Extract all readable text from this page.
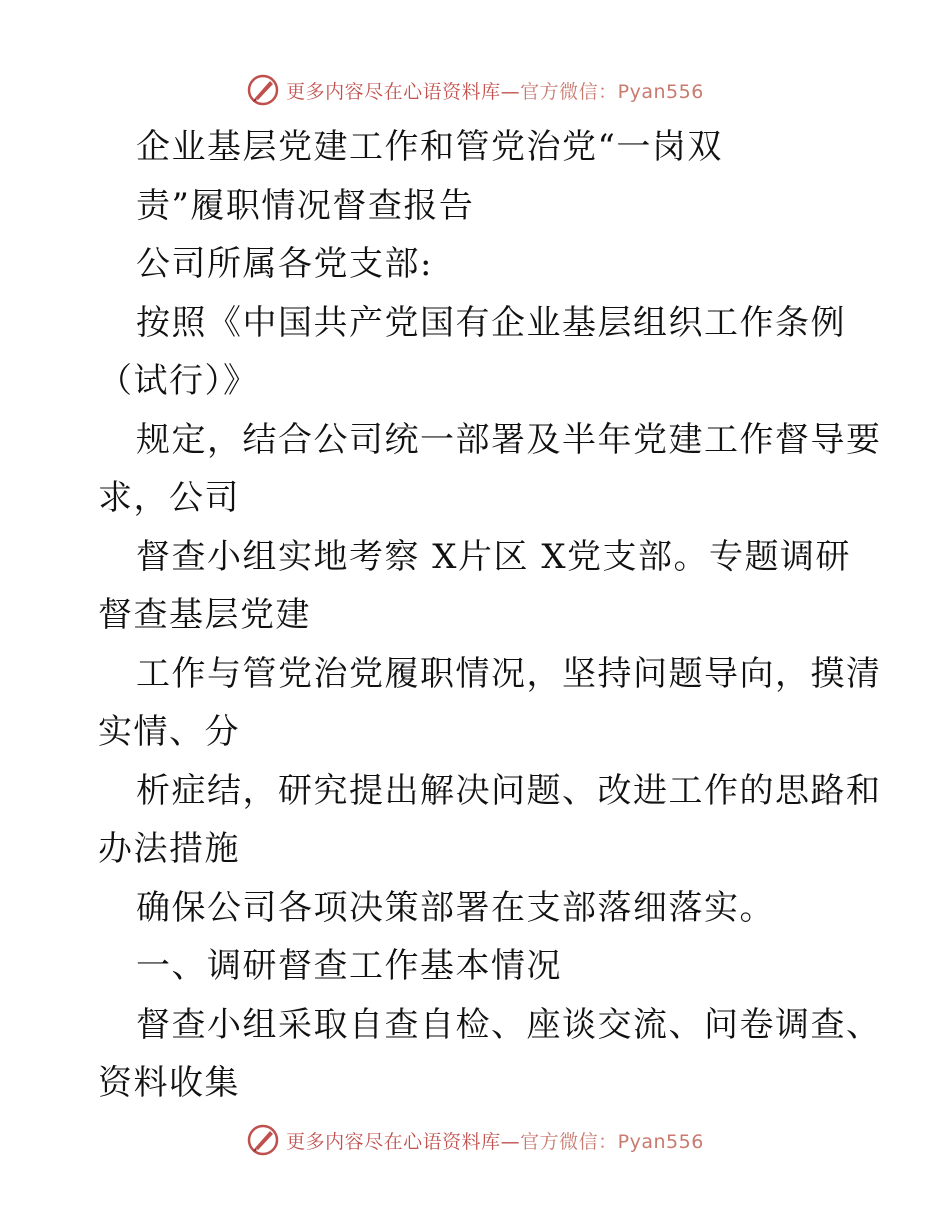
更多内容尽在心语资料库—官方微信：Pyan556
企业基层党建工作和管党治党“一岗双
责”履职情况督查报告
公司所属各党支部:
按照《中国共产党国有企业基层组织工作条例
（试行）》
规定，结合公司统一部署及半年党建工作督导要
求，公司
督查小组实地考察 X片区 X党支部。专题调研
督查基层党建
工作与管党治党履职情况，坚持问题导向，摸清
实情、分
析症结，研究提出解决问题、改进工作的思路和
办法措施
确保公司各项决策部署在支部落细落实。
一、调研督查工作基本情况
督查小组采取自查自检、座谈交流、问卷调查、
资料收集
更多内容尽在心语资料库—官方微信：Pyan556
